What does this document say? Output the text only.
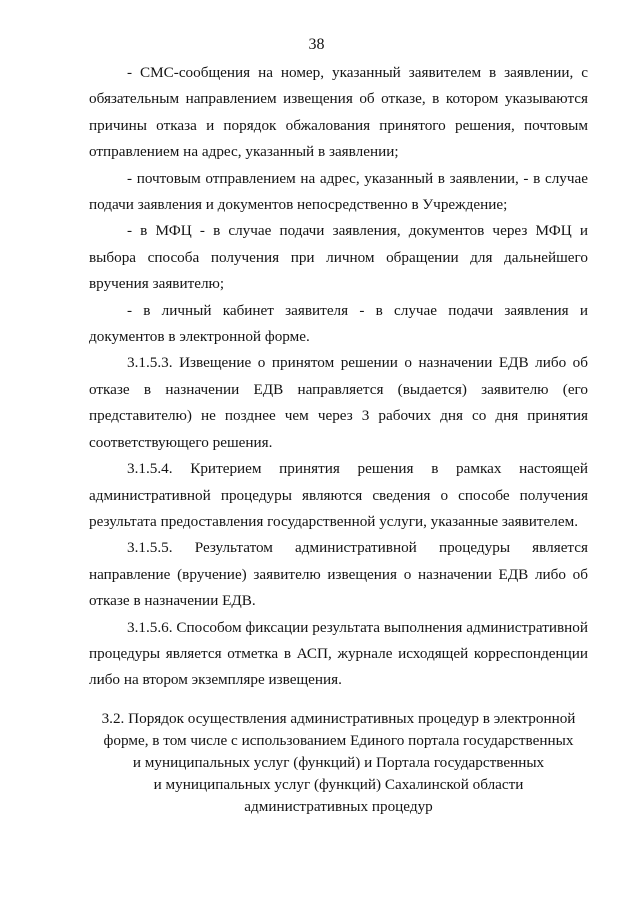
38

- СМС-сообщения на номер, указанный заявителем в заявлении, с обязательным направлением извещения об отказе, в котором указываются причины отказа и порядок обжалования принятого решения, почтовым отправлением на адрес, указанный в заявлении;

- почтовым отправлением на адрес, указанный в заявлении, - в случае подачи заявления и документов непосредственно в Учреждение;

- в МФЦ - в случае подачи заявления, документов через МФЦ и выбора способа получения при личном обращении для дальнейшего вручения заявителю;

- в личный кабинет заявителя - в случае подачи заявления и документов в электронной форме.

3.1.5.3. Извещение о принятом решении о назначении ЕДВ либо об отказе в назначении ЕДВ направляется (выдается) заявителю (его представителю) не позднее чем через 3 рабочих дня со дня принятия соответствующего решения.

3.1.5.4. Критерием принятия решения в рамках настоящей административной процедуры являются сведения о способе получения результата предоставления государственной услуги, указанные заявителем.

3.1.5.5. Результатом административной процедуры является направление (вручение) заявителю извещения о назначении ЕДВ либо об отказе в назначении ЕДВ.

3.1.5.6. Способом фиксации результата выполнения административной процедуры является отметка в АСП, журнале исходящей корреспонденции либо на втором экземпляре извещения.

3.2. Порядок осуществления административных процедур в электронной
форме, в том числе с использованием Единого портала государственных
и муниципальных услуг (функций) и Портала государственных
и муниципальных услуг (функций) Сахалинской области
административных процедур
